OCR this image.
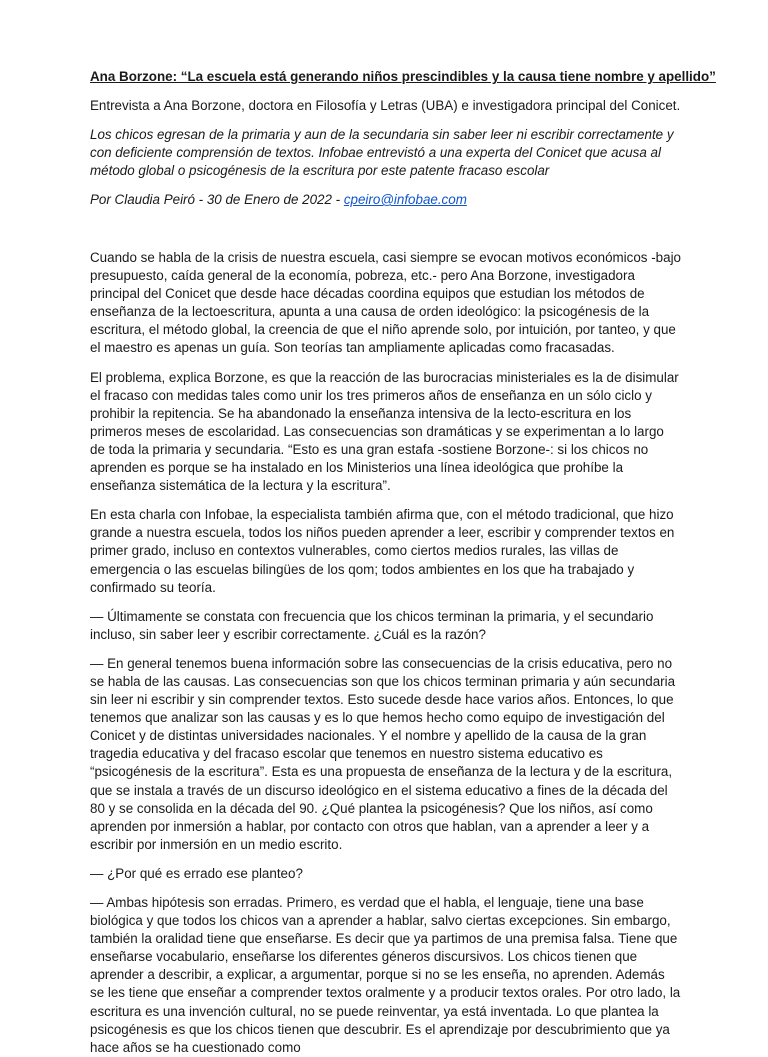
Ana Borzone: “La escuela está generando niños prescindibles y la causa tiene nombre y apellido”

Entrevista a Ana Borzone, doctora en Filosofía y Letras (UBA) e investigadora principal del Conicet.

Los chicos egresan de la primaria y aun de la secundaria sin saber leer ni escribir correctamente y con deficiente comprensión de textos. Infobae entrevistó a una experta del Conicet que acusa al método global o psicogénesis de la escritura por este patente fracaso escolar

Por Claudia Peiró - 30 de Enero de 2022 - cpeiro@infobae.com

Cuando se habla de la crisis de nuestra escuela, casi siempre se evocan motivos económicos -bajo presupuesto, caída general de la economía, pobreza, etc.- pero Ana Borzone, investigadora principal del Conicet que desde hace décadas coordina equipos que estudian los métodos de enseñanza de la lectoescritura, apunta a una causa de orden ideológico: la psicogénesis de la escritura, el método global, la creencia de que el niño aprende solo, por intuición, por tanteo, y que el maestro es apenas un guía. Son teorías tan ampliamente aplicadas como fracasadas.

El problema, explica Borzone, es que la reacción de las burocracias ministeriales es la de disimular el fracaso con medidas tales como unir los tres primeros años de enseñanza en un sólo ciclo y prohibir la repitencia. Se ha abandonado la enseñanza intensiva de la lecto-escritura en los primeros meses de escolaridad. Las consecuencias son dramáticas y se experimentan a lo largo de toda la primaria y secundaria. “Esto es una gran estafa -sostiene Borzone-: si los chicos no aprenden es porque se ha instalado en los Ministerios una línea ideológica que prohíbe la enseñanza sistemática de la lectura y la escritura”.

En esta charla con Infobae, la especialista también afirma que, con el método tradicional, que hizo grande a nuestra escuela, todos los niños pueden aprender a leer, escribir y comprender textos en primer grado, incluso en contextos vulnerables, como ciertos medios rurales, las villas de emergencia o las escuelas bilingües de los qom; todos ambientes en los que ha trabajado y confirmado su teoría.

— Últimamente se constata con frecuencia que los chicos terminan la primaria, y el secundario incluso, sin saber leer y escribir correctamente. ¿Cuál es la razón?

— En general tenemos buena información sobre las consecuencias de la crisis educativa, pero no se habla de las causas. Las consecuencias son que los chicos terminan primaria y aún secundaria sin leer ni escribir y sin comprender textos. Esto sucede desde hace varios años. Entonces, lo que tenemos que analizar son las causas y es lo que hemos hecho como equipo de investigación del Conicet y de distintas universidades nacionales. Y el nombre y apellido de la causa de la gran tragedia educativa y del fracaso escolar que tenemos en nuestro sistema educativo es “psicogénesis de la escritura”. Esta es una propuesta de enseñanza de la lectura y de la escritura, que se instala a través de un discurso ideológico en el sistema educativo a fines de la década del 80 y se consolida en la década del 90. ¿Qué plantea la psicogénesis? Que los niños, así como aprenden por inmersión a hablar, por contacto con otros que hablan, van a aprender a leer y a escribir por inmersión en un medio escrito.

— ¿Por qué es errado ese planteo?

— Ambas hipótesis son erradas. Primero, es verdad que el habla, el lenguaje, tiene una base biológica y que todos los chicos van a aprender a hablar, salvo ciertas excepciones. Sin embargo, también la oralidad tiene que enseñarse. Es decir que ya partimos de una premisa falsa. Tiene que enseñarse vocabulario, enseñarse los diferentes géneros discursivos. Los chicos tienen que aprender a describir, a explicar, a argumentar, porque si no se les enseña, no aprenden. Además se les tiene que enseñar a comprender textos oralmente y a producir textos orales. Por otro lado, la escritura es una invención cultural, no se puede reinventar, ya está inventada. Lo que plantea la psicogénesis es que los chicos tienen que descubrir. Es el aprendizaje por descubrimiento que ya hace años se ha cuestionado como
